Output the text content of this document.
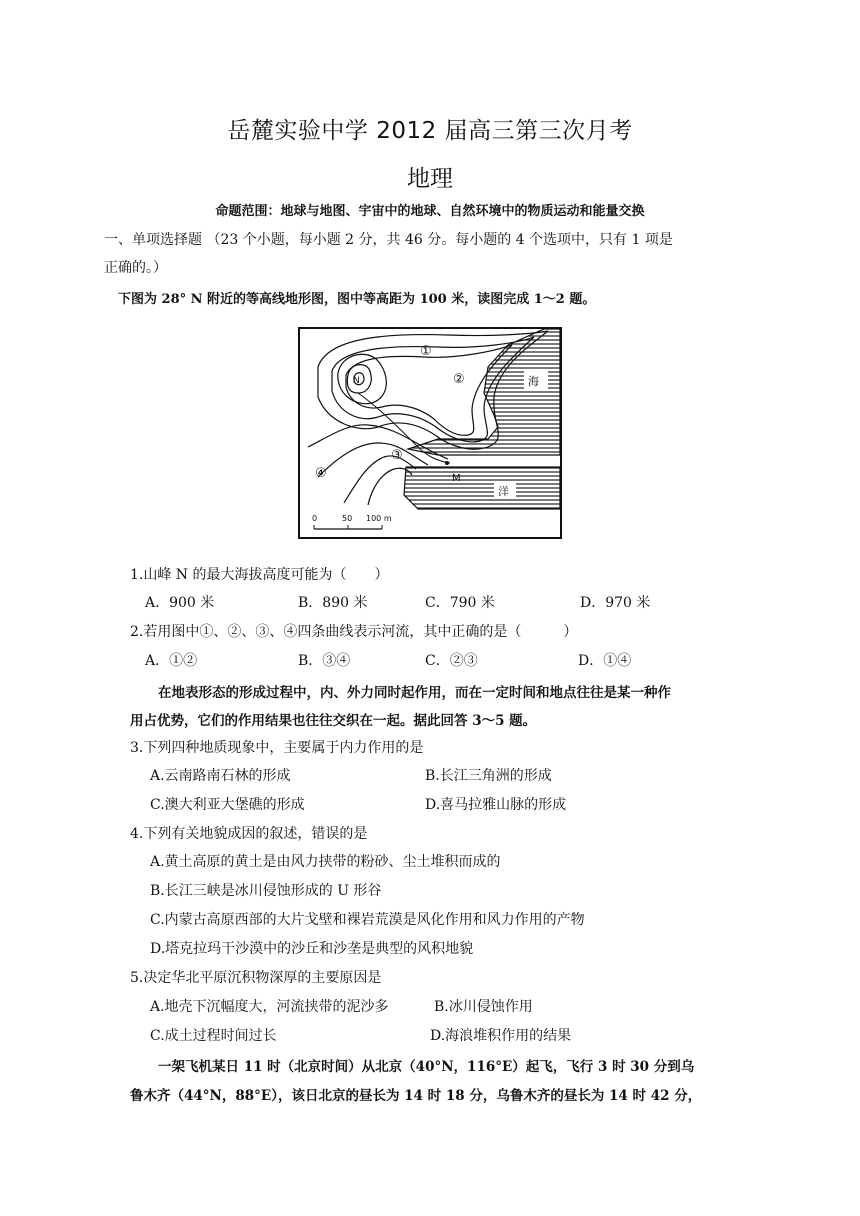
岳麓实验中学 2012 届高三第三次月考
地理
命题范围：地球与地图、宇宙中的地球、自然环境中的物质运动和能量交换
一、单项选择题 （23 个小题，每小题 2 分，共 46 分。每小题的 4 个选项中，只有 1 项是
正确的。）
下图为 28° N 附近的等高线地形图，图中等高距为 100 米，读图完成 1～2 题。
①
②
③
④
海
洋
M
N
0	50 100 m
1.山峰 N 的最大海拔高度可能为（　　）
A．900 米	B．890 米	C．790 米	D．970 米
2.若用图中①、②、③、④四条曲线表示河流，其中正确的是（　　　）
A．①②	B．③④	C．②③	D．①④
在地表形态的形成过程中，内、外力同时起作用，而在一定时间和地点往往是某一种作
用占优势，它们的作用结果也往往交织在一起。据此回答 3～5 题。
3.下列四种地质现象中，主要属于内力作用的是
A.云南路南石林的形成	B.长江三角洲的形成
C.澳大利亚大堡礁的形成	D.喜马拉雅山脉的形成
4.下列有关地貌成因的叙述，错误的是
A.黄土高原的黄土是由风力挟带的粉砂、尘土堆积而成的
B.长江三峡是冰川侵蚀形成的 U 形谷
C.内蒙古高原西部的大片戈壁和裸岩荒漠是风化作用和风力作用的产物
D.塔克拉玛干沙漠中的沙丘和沙垄是典型的风积地貌
5.决定华北平原沉积物深厚的主要原因是
A.地壳下沉幅度大，河流挟带的泥沙多	B.冰川侵蚀作用
C.成土过程时间过长	D.海浪堆积作用的结果
一架飞机某日 11 时（北京时间）从北京（40°N，116°E）起飞，飞行 3 时 30 分到乌
鲁木齐（44°N，88°E），该日北京的昼长为 14 时 18 分，乌鲁木齐的昼长为 14 时 42 分，
